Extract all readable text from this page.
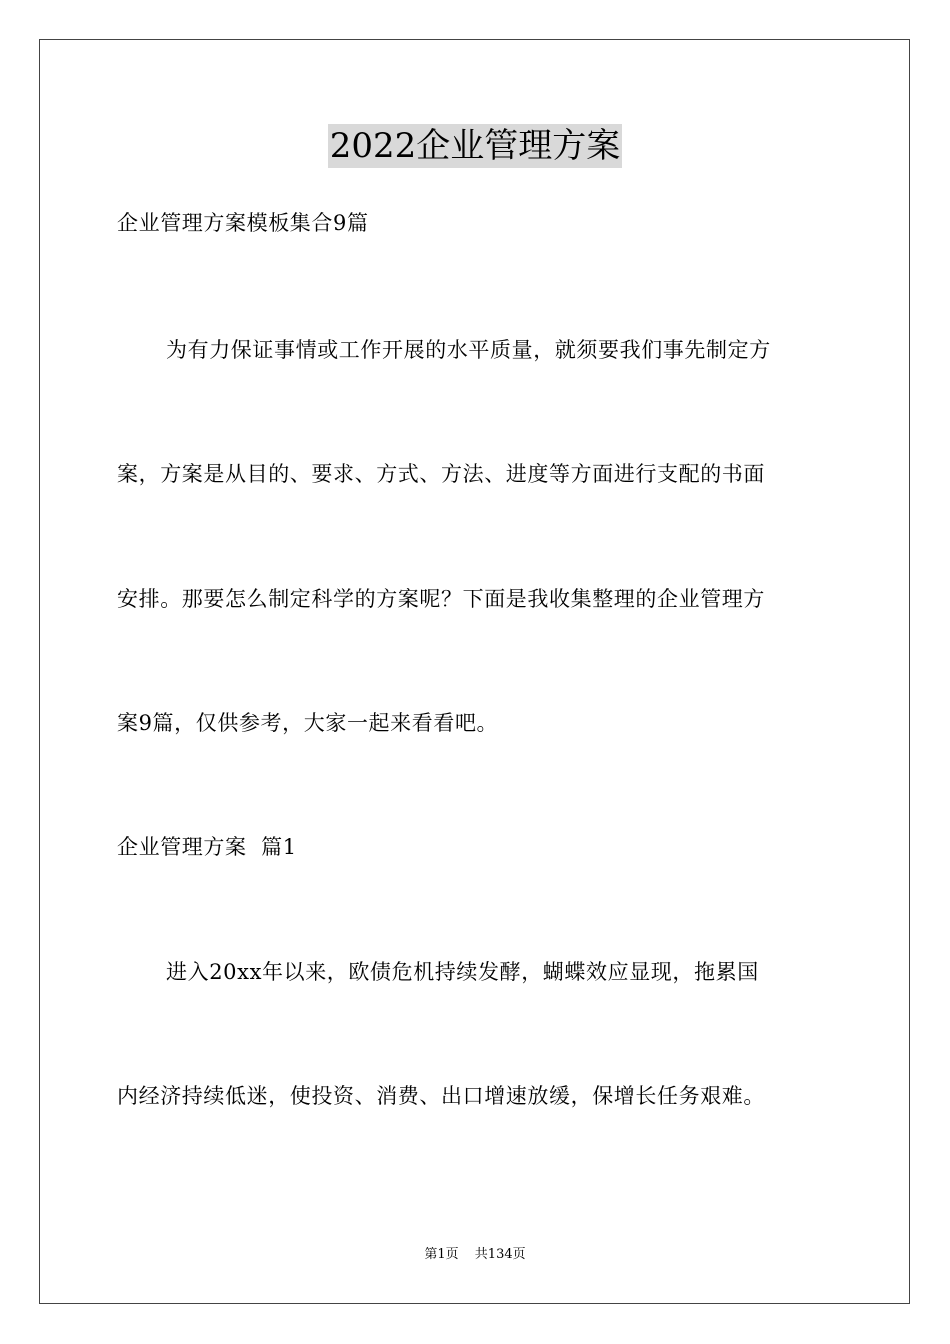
2022企业管理方案
企业管理方案模板集合9篇
为有力保证事情或工作开展的水平质量，就须要我们事先制定方
案，方案是从目的、要求、方式、方法、进度等方面进行支配的书面
安排。那要怎么制定科学的方案呢？下面是我收集整理的企业管理方
案9篇，仅供参考，大家一起来看看吧。
企业管理方案  篇1
进入20xx年以来，欧债危机持续发酵，蝴蝶效应显现，拖累国
内经济持续低迷，使投资、消费、出口增速放缓，保增长任务艰难。
第1页 共134页
